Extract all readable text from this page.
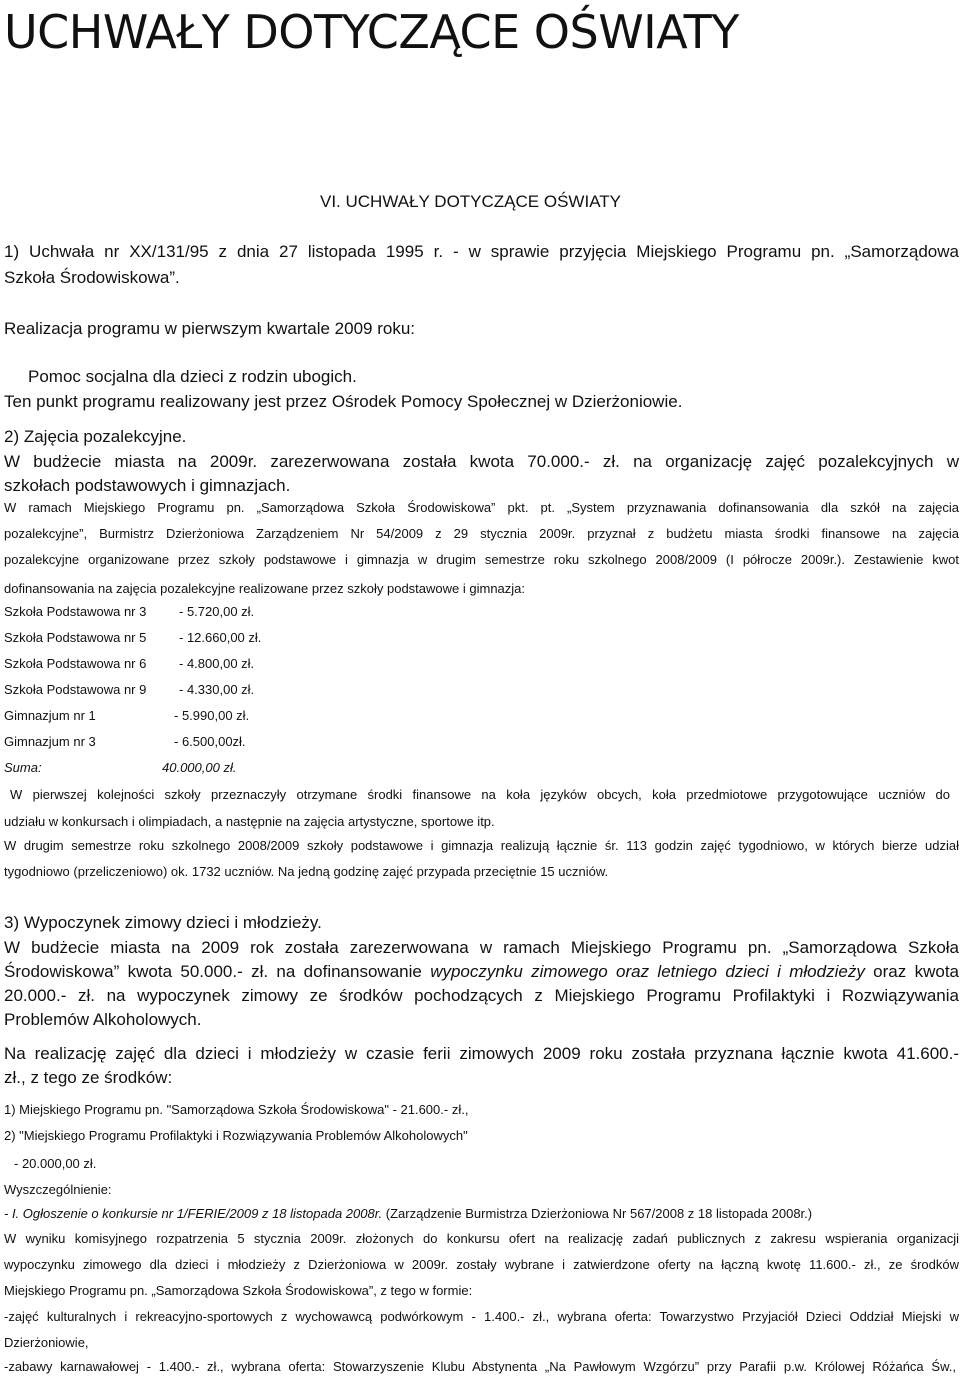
UCHWAŁY DOTYCZĄCE OŚWIATY
VI. UCHWAŁY DOTYCZĄCE OŚWIATY
1) Uchwała nr XX/131/95 z dnia 27 listopada 1995 r. - w sprawie przyjęcia Miejskiego Programu pn. „Samorządowa
Szkoła Środowiskowa”.
Realizacja programu w pierwszym kwartale 2009 roku:
Pomoc socjalna dla dzieci z rodzin ubogich.
Ten punkt programu realizowany jest przez Ośrodek Pomocy Społecznej w Dzierżoniowie.
2) Zajęcia pozalekcyjne.
W budżecie miasta na 2009r. zarezerwowana została kwota 70.000.- zł. na organizację zajęć pozalekcyjnych w
szkołach podstawowych i gimnazjach.
W ramach Miejskiego Programu pn. „Samorządowa Szkoła Środowiskowa” pkt. pt. „System przyznawania dofinansowania dla szkół na zajęcia
pozalekcyjne”, Burmistrz Dzierżoniowa Zarządzeniem Nr 54/2009 z 29 stycznia 2009r. przyznał z budżetu miasta środki finansowe na zajęcia
pozalekcyjne organizowane przez szkoły podstawowe i gimnazja w drugim semestrze roku szkolnego 2008/2009 (I półrocze 2009r.). Zestawienie kwot
dofinansowania na zajęcia pozalekcyjne realizowane przez szkoły podstawowe i gimnazja:
Szkoła Podstawowa nr 3	- 5.720,00 zł.
Szkoła Podstawowa nr 5	- 12.660,00 zł.
Szkoła Podstawowa nr 6	- 4.800,00 zł.
Szkoła Podstawowa nr 9	- 4.330,00 zł.
Gimnazjum nr 1	- 5.990,00 zł.
Gimnazjum nr 3	- 6.500,00zł.
Suma:	40.000,00 zł.
W pierwszej kolejności szkoły przeznaczyły otrzymane środki finansowe na koła języków obcych, koła przedmiotowe przygotowujące uczniów do
udziału w konkursach i olimpiadach, a następnie na zajęcia artystyczne, sportowe itp.
W drugim semestrze roku szkolnego 2008/2009 szkoły podstawowe i gimnazja realizują łącznie śr. 113 godzin zajęć tygodniowo, w których bierze udział
tygodniowo (przeliczeniowo) ok. 1732 uczniów. Na jedną godzinę zajęć przypada przeciętnie 15 uczniów.
3) Wypoczynek zimowy dzieci i młodzieży.
W budżecie miasta na 2009 rok została zarezerwowana w ramach Miejskiego Programu pn. „Samorządowa Szkoła
Środowiskowa” kwota 50.000.- zł. na dofinansowanie wypoczynku zimowego oraz letniego dzieci i młodzieży oraz kwota
20.000.- zł. na wypoczynek zimowy ze środków pochodzących z Miejskiego Programu Profilaktyki i Rozwiązywania
Problemów Alkoholowych.
Na realizację zajęć dla dzieci i młodzieży w czasie ferii zimowych 2009 roku została przyznana łącznie kwota 41.600.-
zł., z tego ze środków:
1) Miejskiego Programu pn. "Samorządowa Szkoła Środowiskowa" - 21.600.- zł.,
2) "Miejskiego Programu Profilaktyki i Rozwiązywania Problemów Alkoholowych"
- 20.000,00 zł.
Wyszczególnienie:
- I. Ogłoszenie o konkursie nr 1/FERIE/2009 z 18 listopada 2008r. (Zarządzenie Burmistrza Dzierżoniowa Nr 567/2008 z 18 listopada 2008r.)
W wyniku komisyjnego rozpatrzenia 5 stycznia 2009r. złożonych do konkursu ofert na realizację zadań publicznych z zakresu wspierania organizacji
wypoczynku zimowego dla dzieci i młodzieży z Dzierżoniowa w 2009r. zostały wybrane i zatwierdzone oferty na łączną kwotę 11.600.- zł., ze środków
Miejskiego Programu pn. „Samorządowa Szkoła Środowiskowa”, z tego w formie:
-zajęć kulturalnych i rekreacyjno-sportowych z wychowawcą podwórkowym - 1.400.- zł., wybrana oferta: Towarzystwo Przyjaciół Dzieci Oddział Miejski w
Dzierżoniowie,
-zabawy karnawałowej - 1.400.- zł., wybrana oferta: Stowarzyszenie Klubu Abstynenta „Na Pawłowym Wzgórzu” przy Parafii p.w. Królowej Różańca Św.,
